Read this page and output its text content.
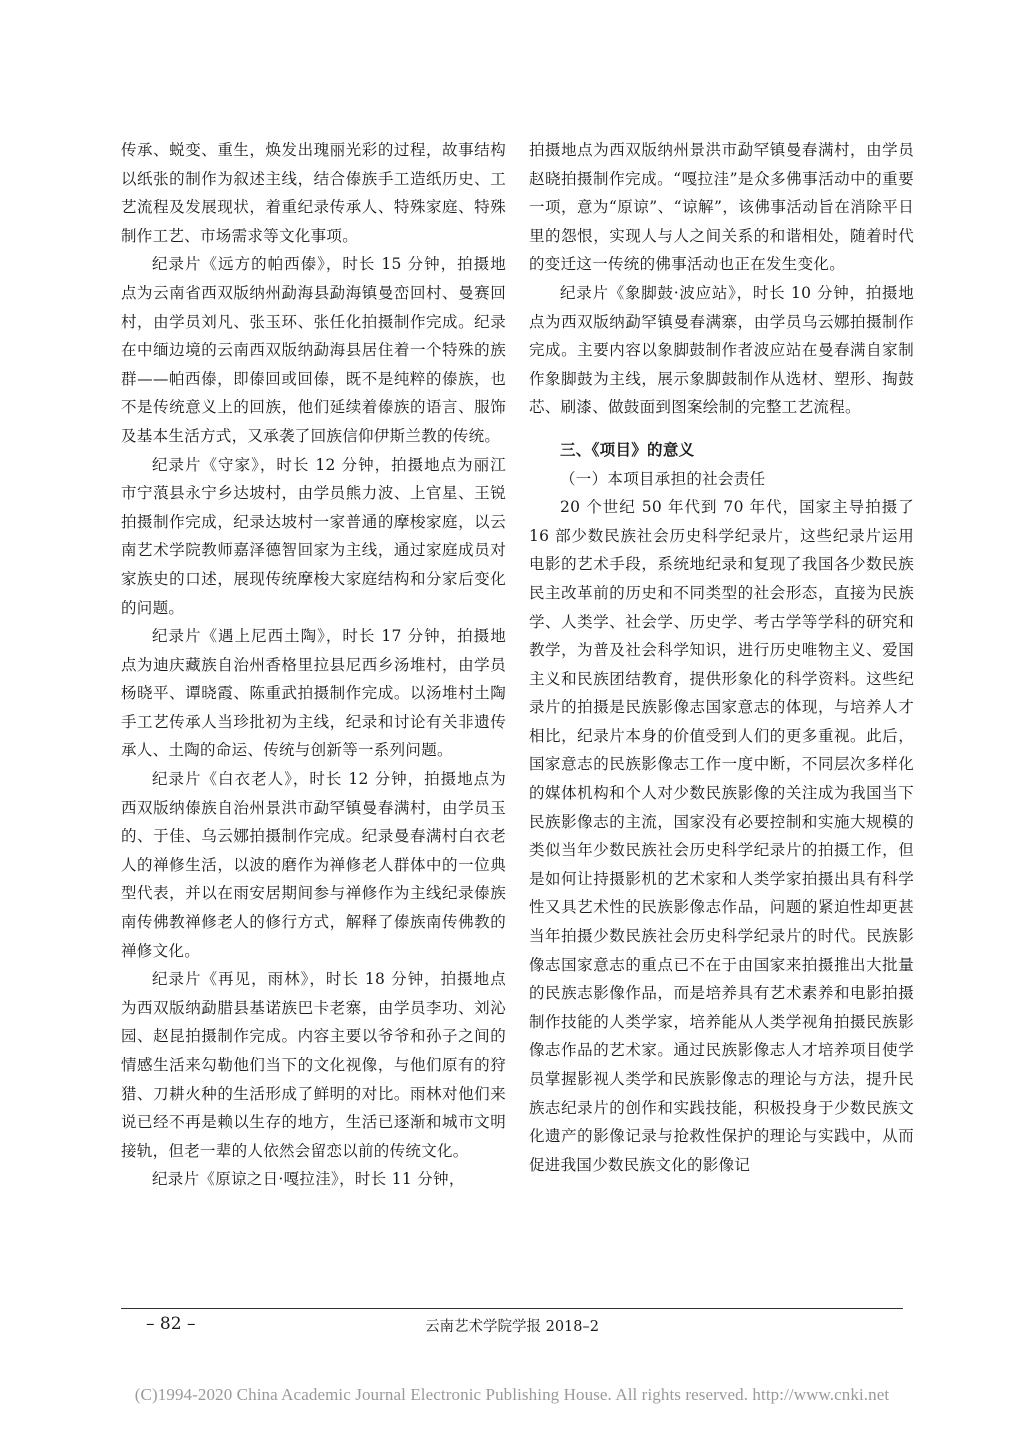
传承、蜕变、重生，焕发出瑰丽光彩的过程，故事结构以纸张的制作为叙述主线，结合傣族手工造纸历史、工艺流程及发展现状，着重纪录传承人、特殊家庭、特殊制作工艺、市场需求等文化事项。

纪录片《远方的帕西傣》，时长 15 分钟，拍摄地点为云南省西双版纳州勐海县勐海镇曼峦回村、曼赛回村，由学员刘凡、张玉环、张任化拍摄制作完成。纪录在中缅边境的云南西双版纳勐海县居住着一个特殊的族群——帕西傣，即傣回或回傣，既不是纯粹的傣族，也不是传统意义上的回族，他们延续着傣族的语言、服饰及基本生活方式，又承袭了回族信仰伊斯兰教的传统。

纪录片《守家》，时长 12 分钟，拍摄地点为丽江市宁蒗县永宁乡达坡村，由学员熊力波、上官星、王锐拍摄制作完成，纪录达坡村一家普通的摩梭家庭，以云南艺术学院教师嘉泽德智回家为主线，通过家庭成员对家族史的口述，展现传统摩梭大家庭结构和分家后变化的问题。

纪录片《遇上尼西土陶》，时长 17 分钟，拍摄地点为迪庆藏族自治州香格里拉县尼西乡汤堆村，由学员杨晓平、谭晓霞、陈重武拍摄制作完成。以汤堆村土陶手工艺传承人当珍批初为主线，纪录和讨论有关非遗传承人、土陶的命运、传统与创新等一系列问题。

纪录片《白衣老人》，时长 12 分钟，拍摄地点为西双版纳傣族自治州景洪市勐罕镇曼春满村，由学员玉的、于佳、乌云娜拍摄制作完成。纪录曼春满村白衣老人的禅修生活，以波的磨作为禅修老人群体中的一位典型代表，并以在雨安居期间参与禅修作为主线纪录傣族南传佛教禅修老人的修行方式，解释了傣族南传佛教的禅修文化。

纪录片《再见，雨林》，时长 18 分钟，拍摄地点为西双版纳勐腊县基诺族巴卡老寨，由学员李功、刘沁园、赵昆拍摄制作完成。内容主要以爷爷和孙子之间的情感生活来勾勒他们当下的文化视像，与他们原有的狩猎、刀耕火种的生活形成了鲜明的对比。雨林对他们来说已经不再是赖以生存的地方，生活已逐渐和城市文明接轨，但老一辈的人依然会留恋以前的传统文化。

纪录片《原谅之日·嘎拉洼》，时长 11 分钟，

拍摄地点为西双版纳州景洪市勐罕镇曼春满村，由学员赵晓拍摄制作完成。“嘎拉洼”是众多佛事活动中的重要一项，意为“原谅”、“谅解”，该佛事活动旨在消除平日里的怨恨，实现人与人之间关系的和谐相处，随着时代的变迁这一传统的佛事活动也正在发生变化。

纪录片《象脚鼓·波应站》，时长 10 分钟，拍摄地点为西双版纳勐罕镇曼春满寨，由学员乌云娜拍摄制作完成。主要内容以象脚鼓制作者波应站在曼春满自家制作象脚鼓为主线，展示象脚鼓制作从选材、塑形、掏鼓芯、刷漆、做鼓面到图案绘制的完整工艺流程。

三、《项目》的意义
（一）本项目承担的社会责任

20 个世纪 50 年代到 70 年代，国家主导拍摄了 16 部少数民族社会历史科学纪录片，这些纪录片运用电影的艺术手段，系统地纪录和复现了我国各少数民族民主改革前的历史和不同类型的社会形态，直接为民族学、人类学、社会学、历史学、考古学等学科的研究和教学，为普及社会科学知识，进行历史唯物主义、爱国主义和民族团结教育，提供形象化的科学资料。这些纪录片的拍摄是民族影像志国家意志的体现，与培养人才相比，纪录片本身的价值受到人们的更多重视。此后，国家意志的民族影像志工作一度中断，不同层次多样化的媒体机构和个人对少数民族影像的关注成为我国当下民族影像志的主流，国家没有必要控制和实施大规模的类似当年少数民族社会历史科学纪录片的拍摄工作，但是如何让持摄影机的艺术家和人类学家拍摄出具有科学性又具艺术性的民族影像志作品，问题的紧迫性却更甚当年拍摄少数民族社会历史科学纪录片的时代。民族影像志国家意志的重点已不在于由国家来拍摄推出大批量的民族志影像作品，而是培养具有艺术素养和电影拍摄制作技能的人类学家，培养能从人类学视角拍摄民族影像志作品的艺术家。通过民族影像志人才培养项目使学员掌握影视人类学和民族影像志的理论与方法，提升民族志纪录片的创作和实践技能，积极投身于少数民族文化遗产的影像记录与抢救性保护的理论与实践中，从而促进我国少数民族文化的影像记

– 82 –	云南艺术学院学报 2018–2
(C)1994-2020 China Academic Journal Electronic Publishing House. All rights reserved. http://www.cnki.net
